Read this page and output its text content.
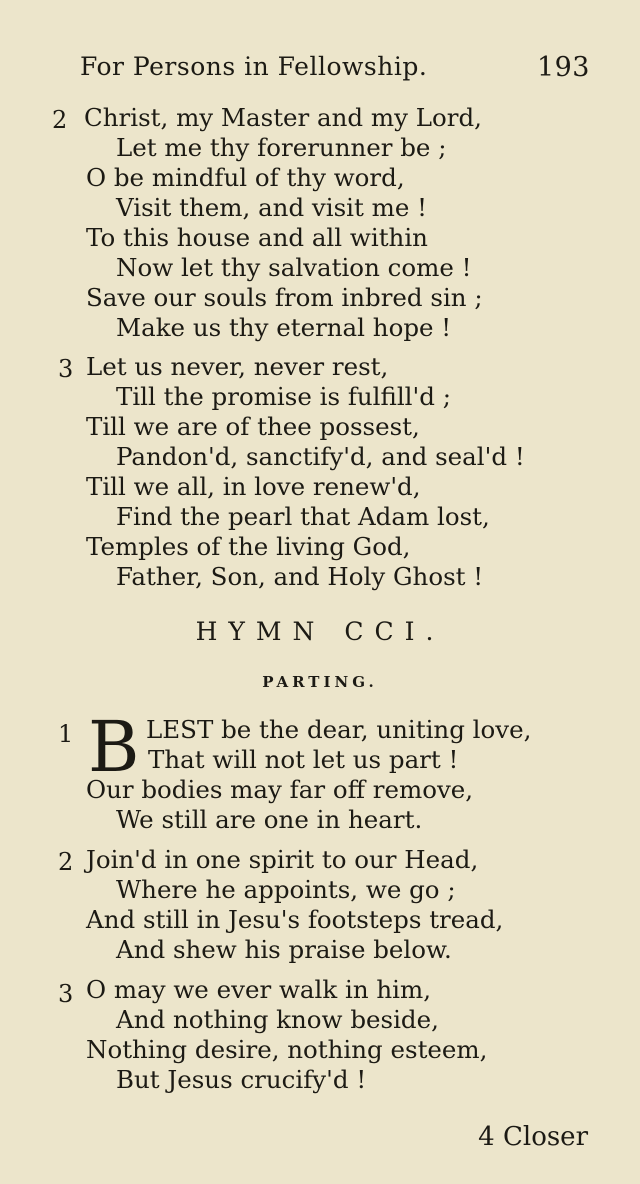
For Persons in Fellowship.	193
2 Christ, my Master and my Lord,
Let me thy forerunner be ;
O be mindful of thy word,
Visit them, and visit me !
To this house and all within
Now let thy salvation come !
Save our souls from inbred sin ;
Make us thy eternal hope !
3 Let us never, never rest,
Till the promise is fulfill'd ;
Till we are of thee possest,
Pandon'd, sanctify'd, and seal'd !
Till we all, in love renew'd,
Find the pearl that Adam lost,
Temples of the living God,
Father, Son, and Holy Ghost !
HYMN CCI.
PARTING.
1 B LEST be the dear, uniting love,
That will not let us part !
Our bodies may far off remove,
We still are one in heart.
2 Join'd in one spirit to our Head,
Where he appoints, we go ;
And still in Jesu's footsteps tread,
And shew his praise below.
3 O may we ever walk in him,
And nothing know beside,
Nothing desire, nothing esteem,
But Jesus crucify'd !
4 Closer
